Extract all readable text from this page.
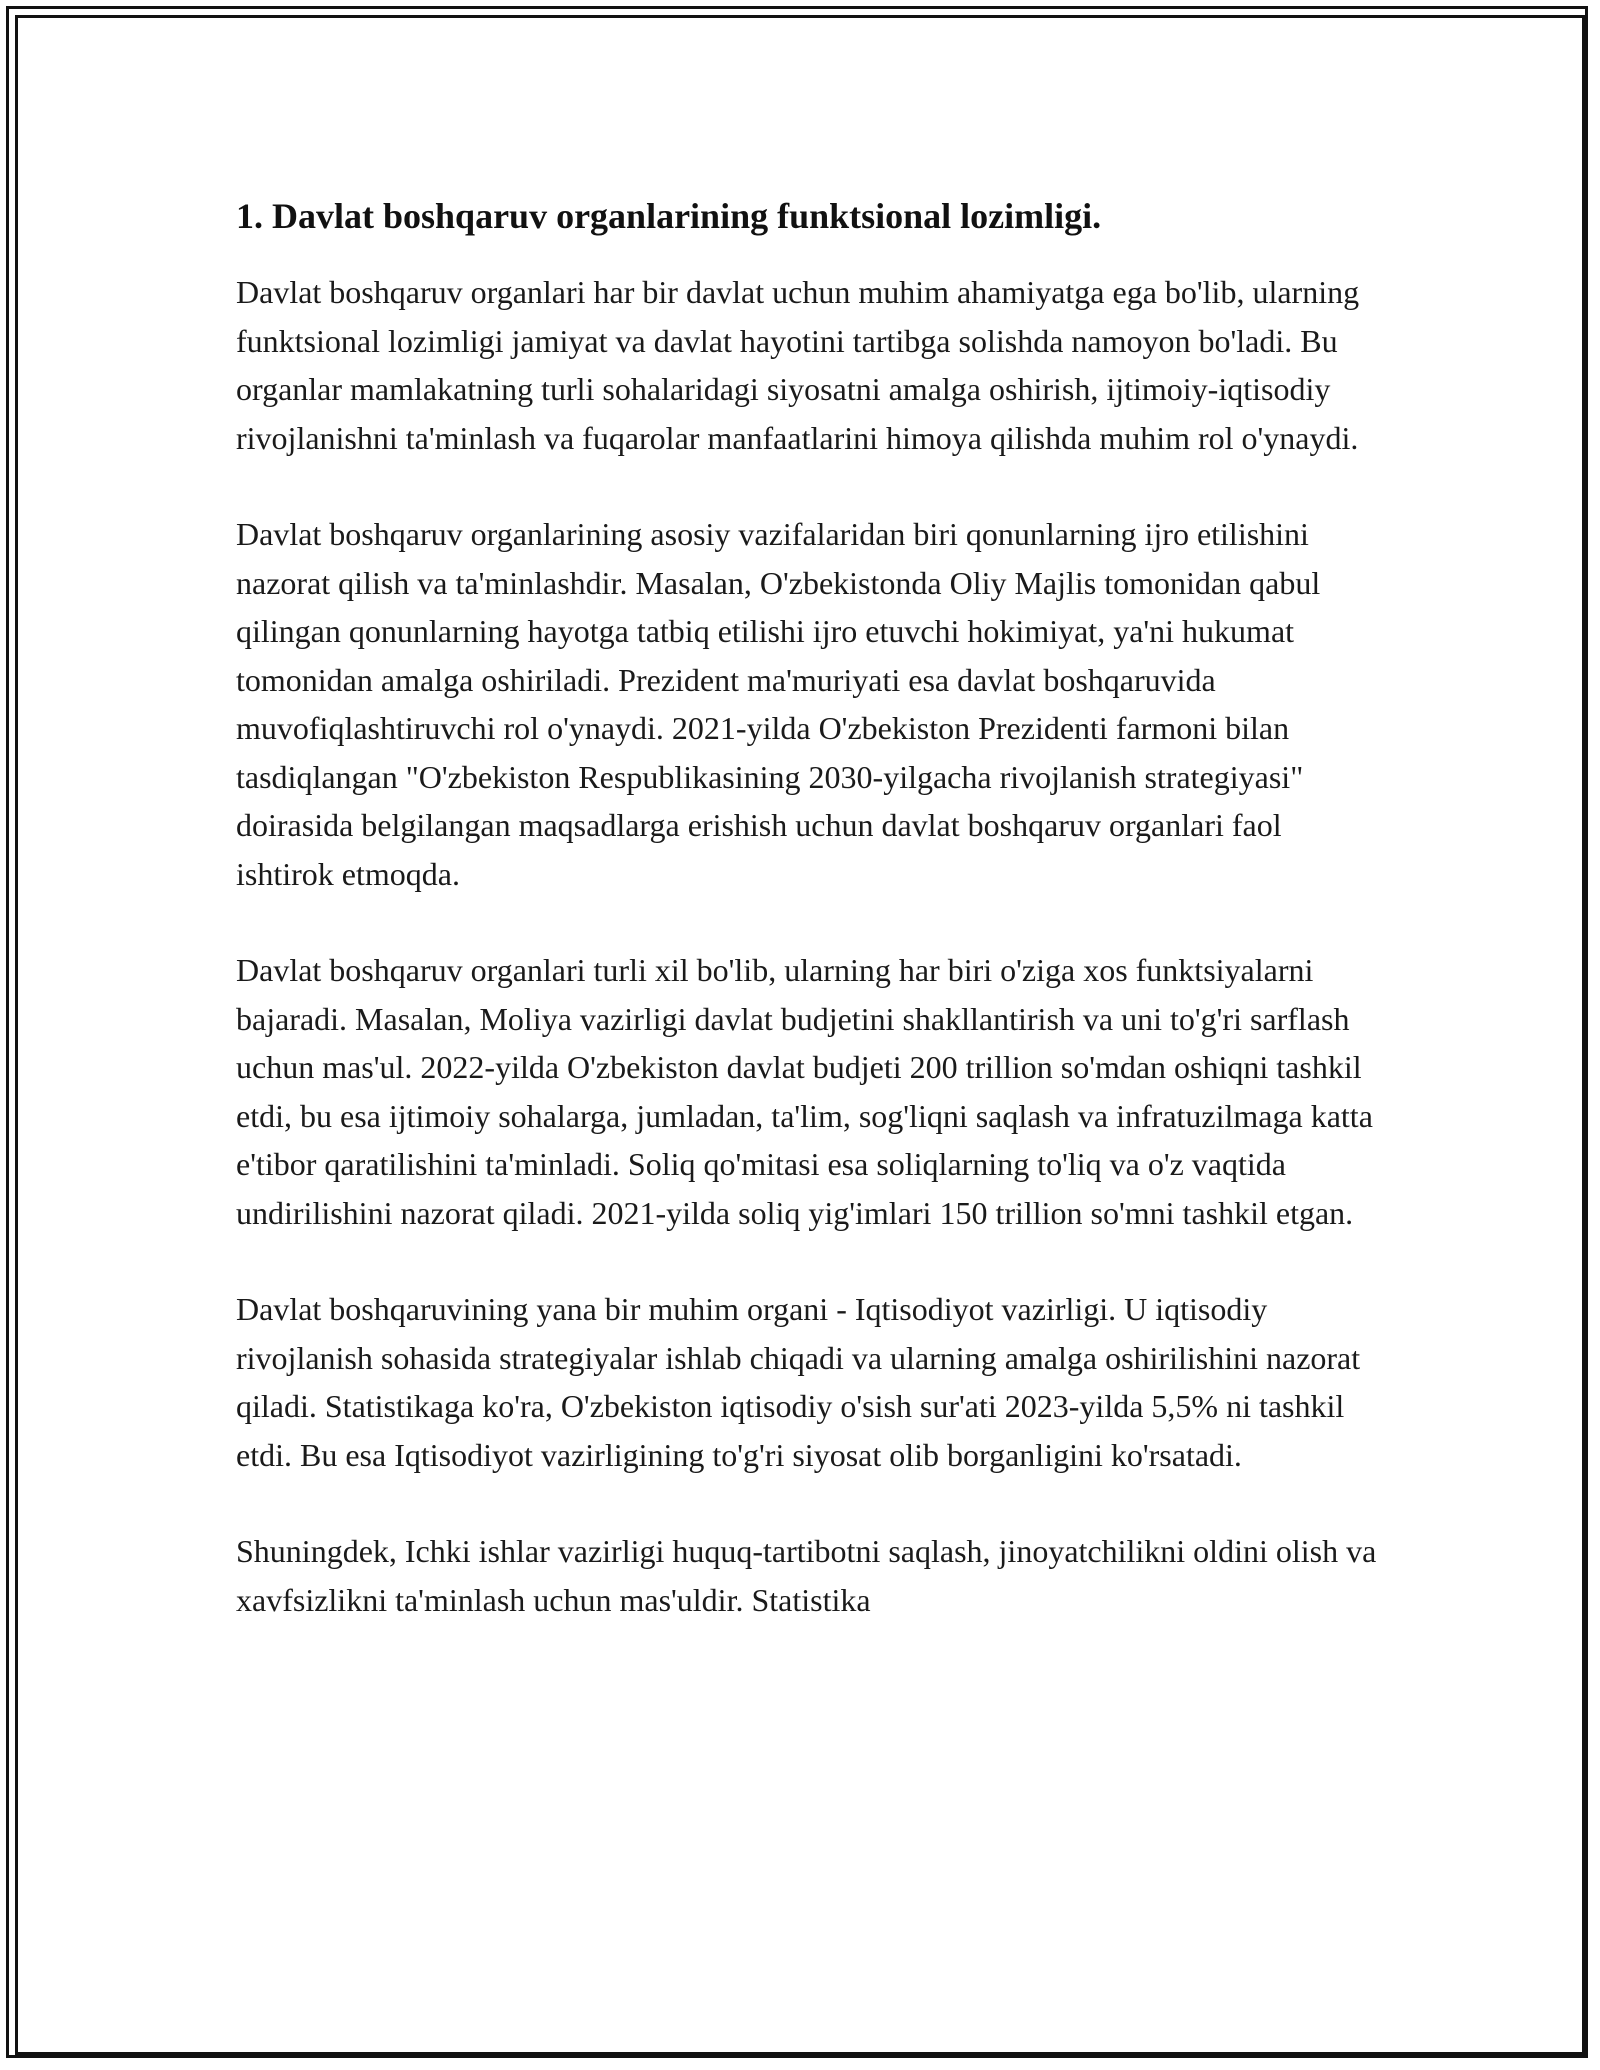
1. Davlat boshqaruv organlarining funktsional lozimligi.

Davlat boshqaruv organlari har bir davlat uchun muhim ahamiyatga ega bo'lib, ularning funktsional lozimligi jamiyat va davlat hayotini tartibga solishda namoyon bo'ladi. Bu organlar mamlakatning turli sohalaridagi siyosatni amalga oshirish, ijtimoiy-iqtisodiy rivojlanishni ta'minlash va fuqarolar manfaatlarini himoya qilishda muhim rol o'ynaydi.

Davlat boshqaruv organlarining asosiy vazifalaridan biri qonunlarning ijro etilishini nazorat qilish va ta'minlashdir. Masalan, O'zbekistonda Oliy Majlis tomonidan qabul qilingan qonunlarning hayotga tatbiq etilishi ijro etuvchi hokimiyat, ya'ni hukumat tomonidan amalga oshiriladi. Prezident ma'muriyati esa davlat boshqaruvida muvofiqlashtiruvchi rol o'ynaydi. 2021-yilda O'zbekiston Prezidenti farmoni bilan tasdiqlangan "O'zbekiston Respublikasining 2030-yilgacha rivojlanish strategiyasi" doirasida belgilangan maqsadlarga erishish uchun davlat boshqaruv organlari faol ishtirok etmoqda.

Davlat boshqaruv organlari turli xil bo'lib, ularning har biri o'ziga xos funktsiyalarni bajaradi. Masalan, Moliya vazirligi davlat budjetini shakllantirish va uni to'g'ri sarflash uchun mas'ul. 2022-yilda O'zbekiston davlat budjeti 200 trillion so'mdan oshiqni tashkil etdi, bu esa ijtimoiy sohalarga, jumladan, ta'lim, sog'liqni saqlash va infratuzilmaga katta e'tibor qaratilishini ta'minladi. Soliq qo'mitasi esa soliqlarning to'liq va o'z vaqtida undirilishini nazorat qiladi. 2021-yilda soliq yig'imlari 150 trillion so'mni tashkil etgan.

Davlat boshqaruvining yana bir muhim organi - Iqtisodiyot vazirligi. U iqtisodiy rivojlanish sohasida strategiyalar ishlab chiqadi va ularning amalga oshirilishini nazorat qiladi. Statistikaga ko'ra, O'zbekiston iqtisodiy o'sish sur'ati 2023-yilda 5,5% ni tashkil etdi. Bu esa Iqtisodiyot vazirligining to'g'ri siyosat olib borganligini ko'rsatadi.

Shuningdek, Ichki ishlar vazirligi huquq-tartibotni saqlash, jinoyatchilikni oldini olish va xavfsizlikni ta'minlash uchun mas'uldir. Statistika
